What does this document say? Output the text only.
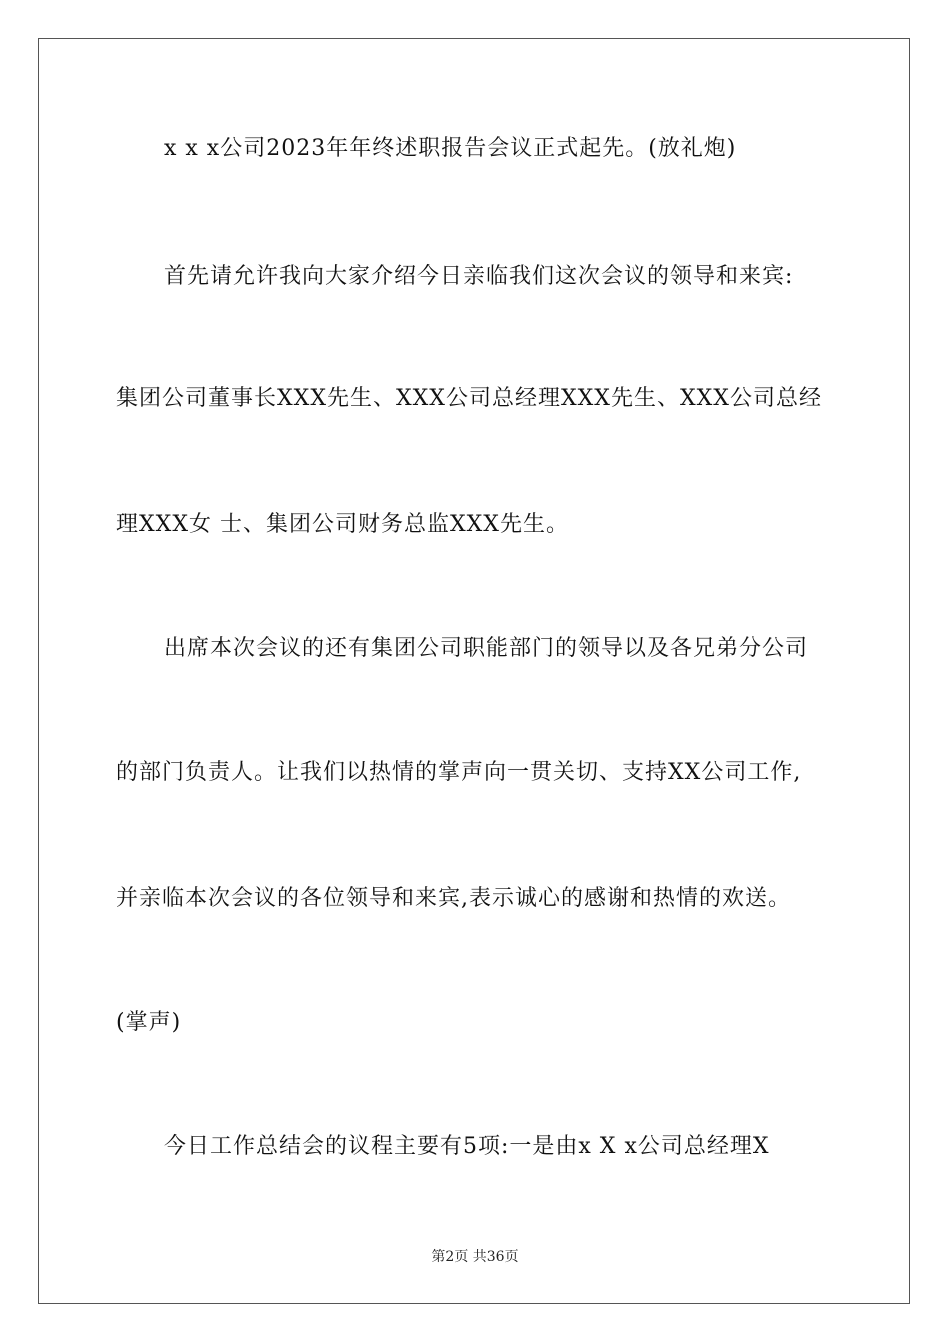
x x x公司2023年年终述职报告会议正式起先。(放礼炮)
首先请允许我向大家介绍今日亲临我们这次会议的领导和来宾:
集团公司董事长XXX先生、XXX公司总经理XXX先生、XXX公司总经
理XXX女 士、集团公司财务总监XXX先生。
出席本次会议的还有集团公司职能部门的领导以及各兄弟分公司
的部门负责人。让我们以热情的掌声向一贯关切、支持XX公司工作,
并亲临本次会议的各位领导和来宾,表示诚心的感谢和热情的欢送。
(掌声)
今日工作总结会的议程主要有5项:一是由x X x公司总经理X
第2页 共36页
